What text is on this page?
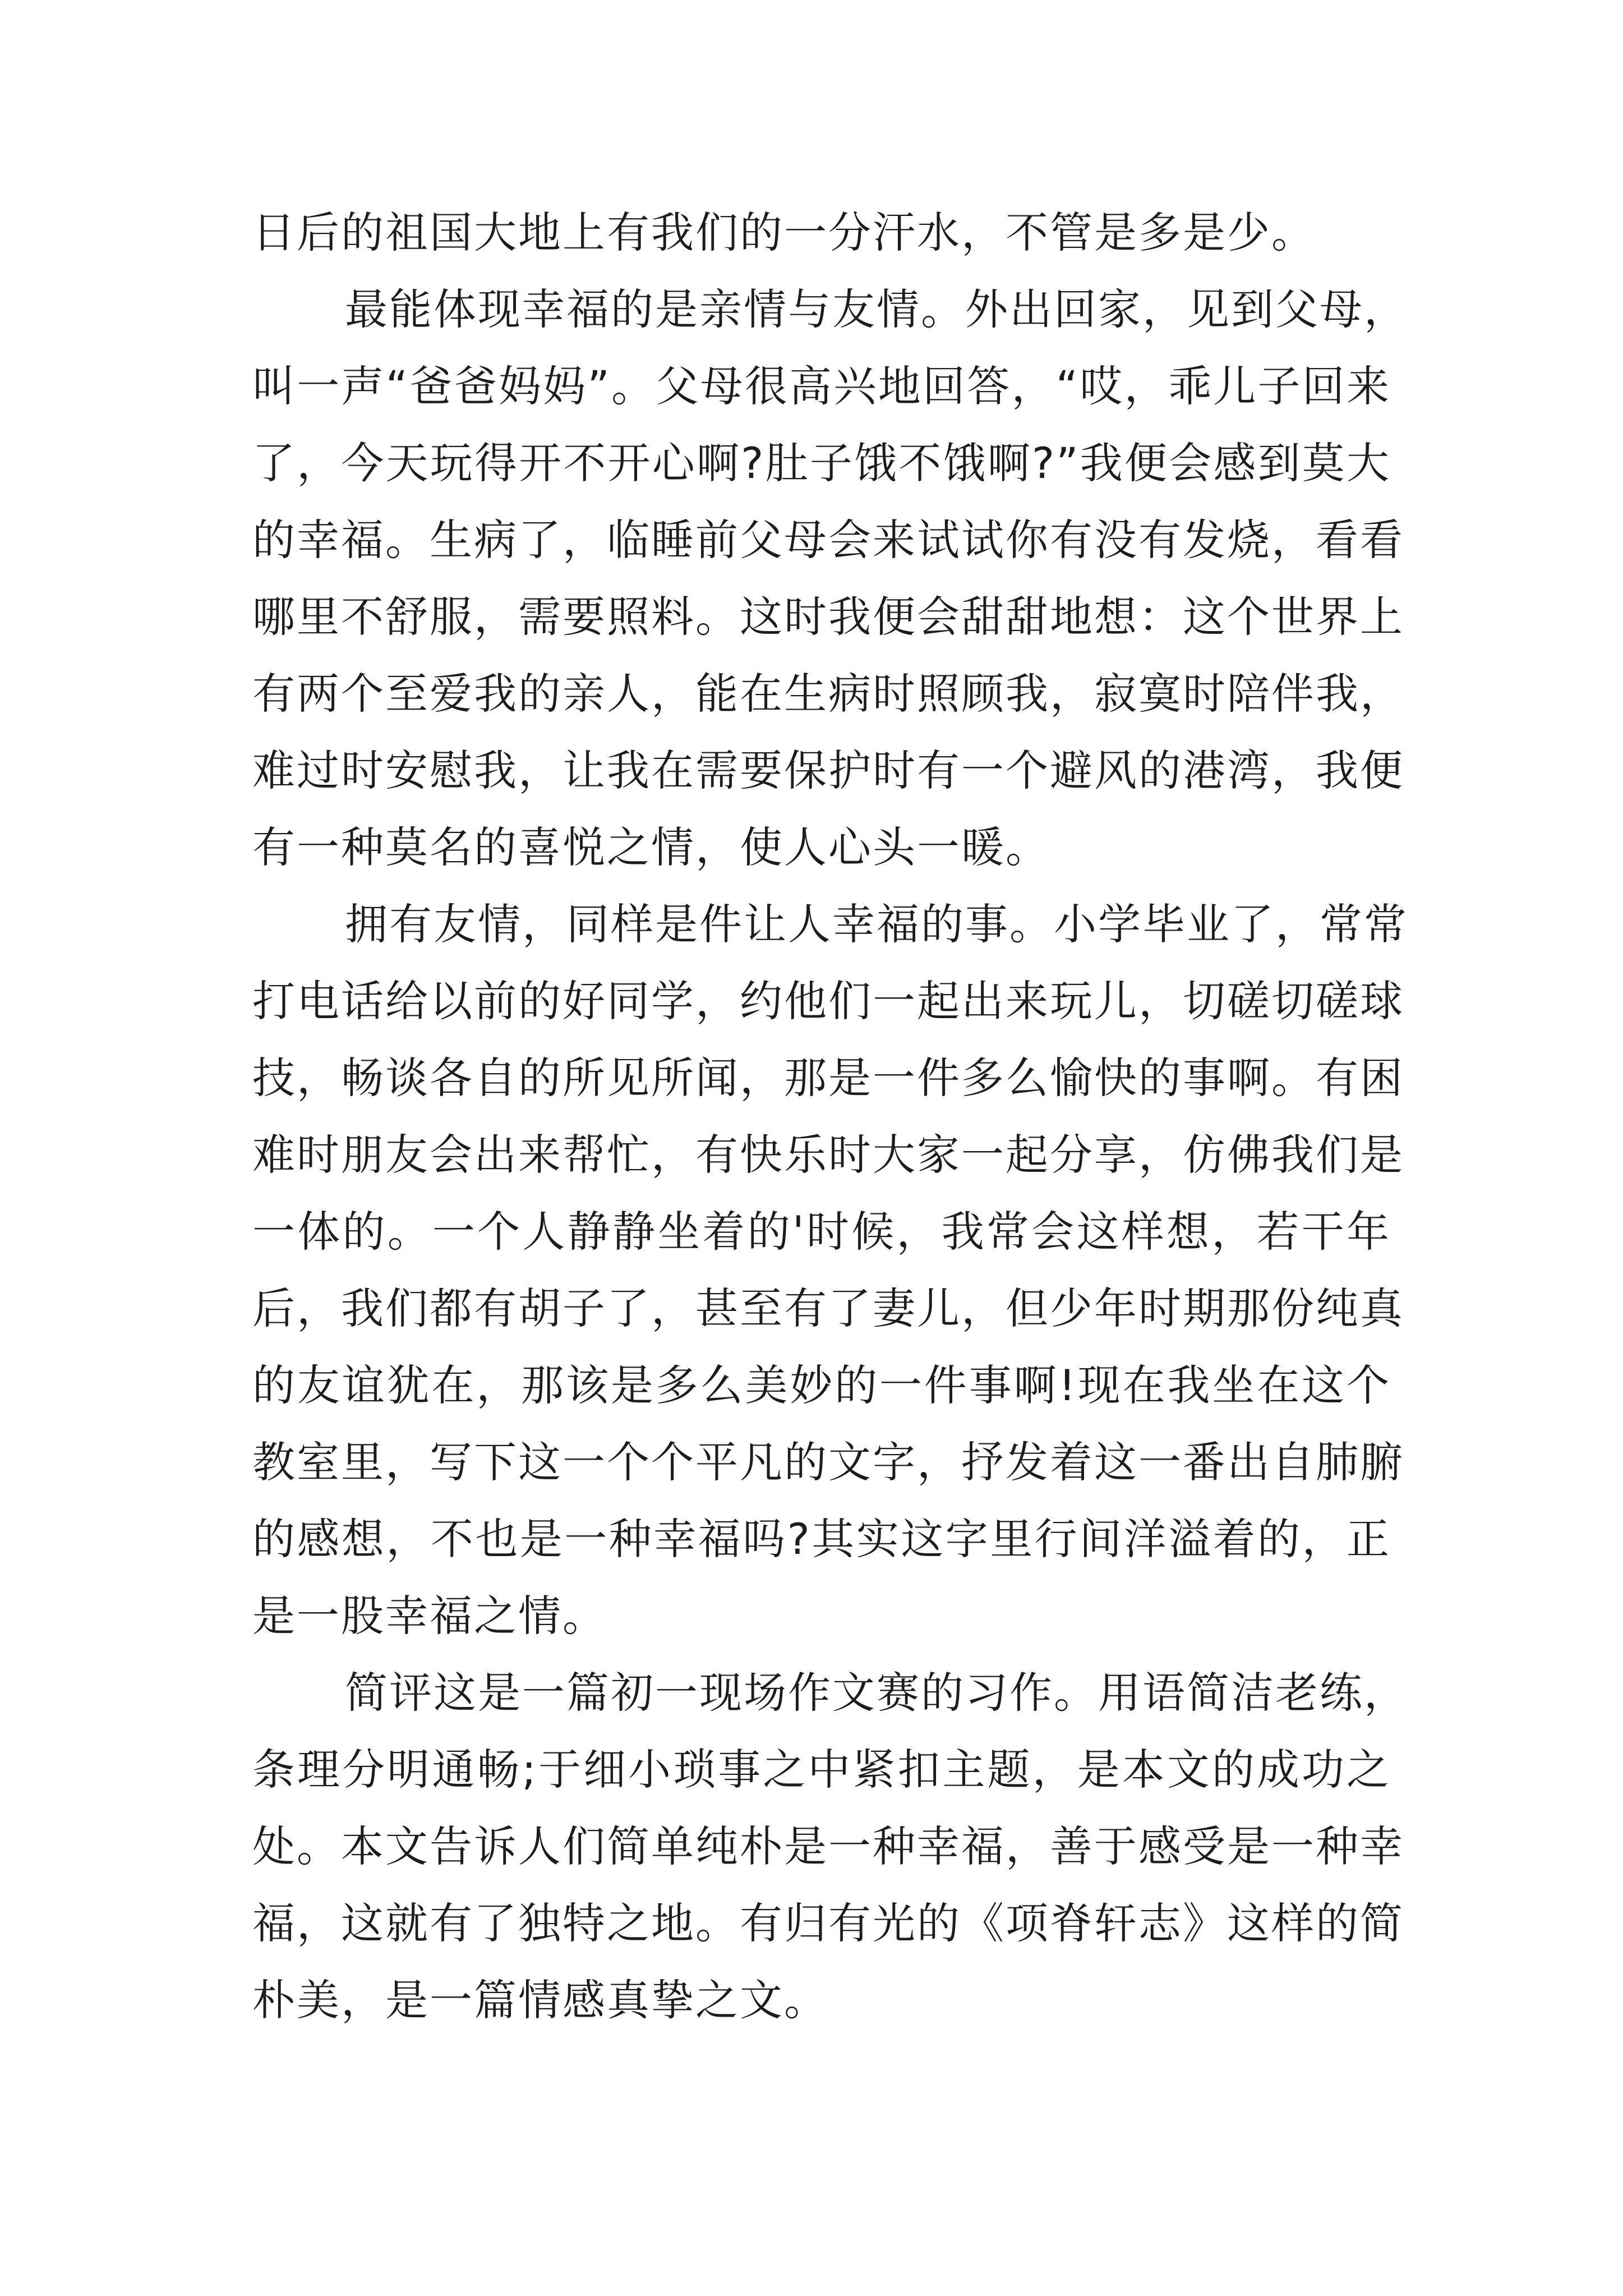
日后的祖国大地上有我们的一分汗水，不管是多是少。
最能体现幸福的是亲情与友情。外出回家，见到父母，
叫一声“爸爸妈妈”。父母很高兴地回答，“哎，乖儿子回来
了，今天玩得开不开心啊?肚子饿不饿啊?”我便会感到莫大
的幸福。生病了，临睡前父母会来试试你有没有发烧，看看
哪里不舒服，需要照料。这时我便会甜甜地想：这个世界上
有两个至爱我的亲人，能在生病时照顾我，寂寞时陪伴我，
难过时安慰我，让我在需要保护时有一个避风的港湾，我便
有一种莫名的喜悦之情，使人心头一暖。
拥有友情，同样是件让人幸福的事。小学毕业了，常常
打电话给以前的好同学，约他们一起出来玩儿，切磋切磋球
技，畅谈各自的所见所闻，那是一件多么愉快的事啊。有困
难时朋友会出来帮忙，有快乐时大家一起分享，仿佛我们是
一体的。一个人静静坐着的'时候，我常会这样想，若干年
后，我们都有胡子了，甚至有了妻儿，但少年时期那份纯真
的友谊犹在，那该是多么美妙的一件事啊!现在我坐在这个
教室里，写下这一个个平凡的文字，抒发着这一番出自肺腑
的感想，不也是一种幸福吗?其实这字里行间洋溢着的，正
是一股幸福之情。
简评这是一篇初一现场作文赛的习作。用语简洁老练，
条理分明通畅;于细小琐事之中紧扣主题，是本文的成功之
处。本文告诉人们简单纯朴是一种幸福，善于感受是一种幸
福，这就有了独特之地。有归有光的《项脊轩志》这样的简
朴美，是一篇情感真挚之文。
